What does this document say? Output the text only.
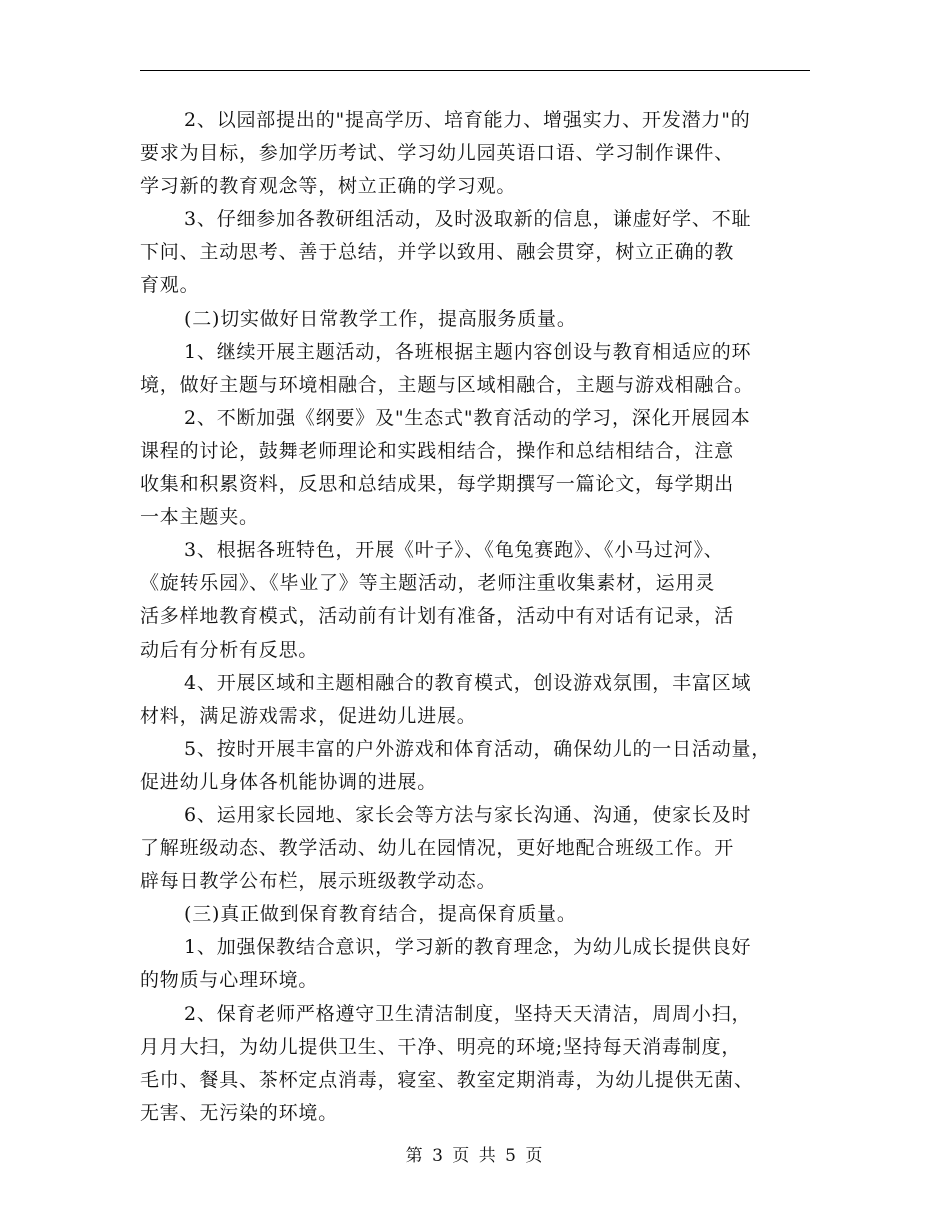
2、以园部提出的"提高学历、培育能力、增强实力、开发潜力"的
要求为目标，参加学历考试、学习幼儿园英语口语、学习制作课件、
学习新的教育观念等，树立正确的学习观。
3、仔细参加各教研组活动，及时汲取新的信息，谦虚好学、不耻
下问、主动思考、善于总结，并学以致用、融会贯穿，树立正确的教
育观。
(二)切实做好日常教学工作，提高服务质量。
1、继续开展主题活动，各班根据主题内容创设与教育相适应的环
境，做好主题与环境相融合，主题与区域相融合，主题与游戏相融合。
2、不断加强《纲要》及"生态式"教育活动的学习，深化开展园本
课程的讨论，鼓舞老师理论和实践相结合，操作和总结相结合，注意
收集和积累资料，反思和总结成果，每学期撰写一篇论文，每学期出
一本主题夹。
3、根据各班特色，开展《叶子》、《龟兔赛跑》、《小马过河》、
《旋转乐园》、《毕业了》等主题活动，老师注重收集素材，运用灵
活多样地教育模式，活动前有计划有准备，活动中有对话有记录，活
动后有分析有反思。
4、开展区域和主题相融合的教育模式，创设游戏氛围，丰富区域
材料，满足游戏需求，促进幼儿进展。
5、按时开展丰富的户外游戏和体育活动，确保幼儿的一日活动量，
促进幼儿身体各机能协调的进展。
6、运用家长园地、家长会等方法与家长沟通、沟通，使家长及时
了解班级动态、教学活动、幼儿在园情况，更好地配合班级工作。开
辟每日教学公布栏，展示班级教学动态。
(三)真正做到保育教育结合，提高保育质量。
1、加强保教结合意识，学习新的教育理念，为幼儿成长提供良好
的物质与心理环境。
2、保育老师严格遵守卫生清洁制度，坚持天天清洁，周周小扫，
月月大扫，为幼儿提供卫生、干净、明亮的环境;坚持每天消毒制度，
毛巾、餐具、茶杯定点消毒，寝室、教室定期消毒，为幼儿提供无菌、
无害、无污染的环境。
第 3 页 共 5 页
